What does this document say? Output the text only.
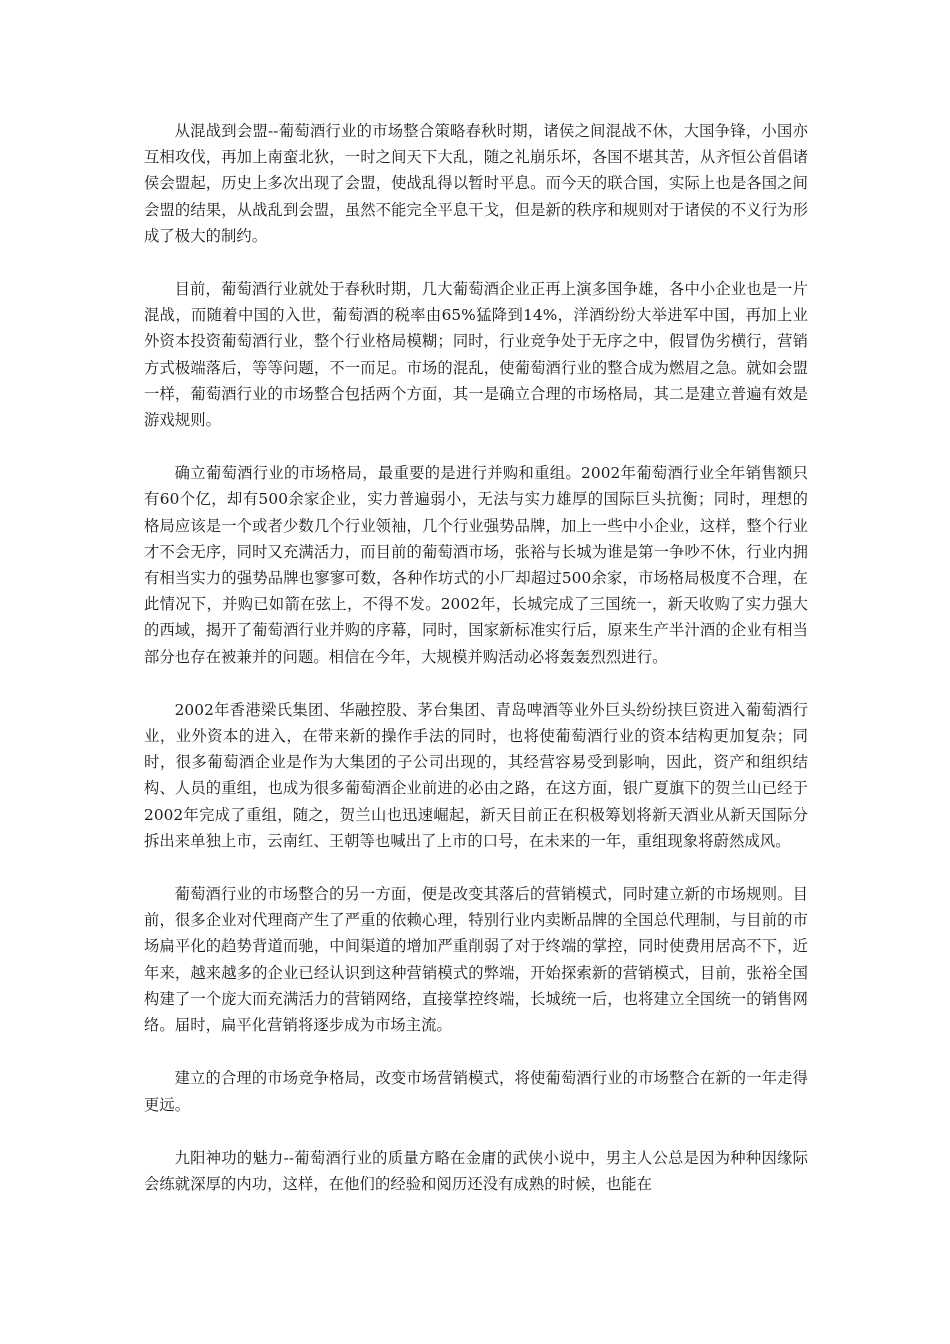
从混战到会盟--葡萄酒行业的市场整合策略春秋时期，诸侯之间混战不休，大国争锋，小国亦互相攻伐，再加上南蛮北狄，一时之间天下大乱，随之礼崩乐坏，各国不堪其苦，从齐恒公首倡诸侯会盟起，历史上多次出现了会盟，使战乱得以暂时平息。而今天的联合国，实际上也是各国之间会盟的结果，从战乱到会盟，虽然不能完全平息干戈，但是新的秩序和规则对于诸侯的不义行为形成了极大的制约。

目前，葡萄酒行业就处于春秋时期，几大葡萄酒企业正再上演多国争雄，各中小企业也是一片混战，而随着中国的入世，葡萄酒的税率由65%猛降到14%，洋酒纷纷大举进军中国，再加上业外资本投资葡萄酒行业，整个行业格局模糊；同时，行业竞争处于无序之中，假冒伪劣横行，营销方式极端落后，等等问题，不一而足。市场的混乱，使葡萄酒行业的整合成为燃眉之急。就如会盟一样，葡萄酒行业的市场整合包括两个方面，其一是确立合理的市场格局，其二是建立普遍有效是游戏规则。

确立葡萄酒行业的市场格局，最重要的是进行并购和重组。2002年葡萄酒行业全年销售额只有60个亿，却有500余家企业，实力普遍弱小，无法与实力雄厚的国际巨头抗衡；同时，理想的格局应该是一个或者少数几个行业领袖，几个行业强势品牌，加上一些中小企业，这样，整个行业才不会无序，同时又充满活力，而目前的葡萄酒市场，张裕与长城为谁是第一争吵不休，行业内拥有相当实力的强势品牌也寥寥可数，各种作坊式的小厂却超过500余家，市场格局极度不合理，在此情况下，并购已如箭在弦上，不得不发。2002年，长城完成了三国统一，新天收购了实力强大的西域，揭开了葡萄酒行业并购的序幕，同时，国家新标准实行后，原来生产半汁酒的企业有相当部分也存在被兼并的问题。相信在今年，大规模并购活动必将轰轰烈烈进行。

2002年香港梁氏集团、华融控股、茅台集团、青岛啤酒等业外巨头纷纷挟巨资进入葡萄酒行业，业外资本的进入，在带来新的操作手法的同时，也将使葡萄酒行业的资本结构更加复杂；同时，很多葡萄酒企业是作为大集团的子公司出现的，其经营容易受到影响，因此，资产和组织结构、人员的重组，也成为很多葡萄酒企业前进的必由之路，在这方面，银广夏旗下的贺兰山已经于2002年完成了重组，随之，贺兰山也迅速崛起，新天目前正在积极筹划将新天酒业从新天国际分拆出来单独上市，云南红、王朝等也喊出了上市的口号，在未来的一年，重组现象将蔚然成风。

葡萄酒行业的市场整合的另一方面，便是改变其落后的营销模式，同时建立新的市场规则。目前，很多企业对代理商产生了严重的依赖心理，特别行业内卖断品牌的全国总代理制，与目前的市场扁平化的趋势背道而驰，中间渠道的增加严重削弱了对于终端的掌控，同时使费用居高不下，近年来，越来越多的企业已经认识到这种营销模式的弊端，开始探索新的营销模式，目前，张裕全国构建了一个庞大而充满活力的营销网络，直接掌控终端，长城统一后，也将建立全国统一的销售网络。届时，扁平化营销将逐步成为市场主流。

建立的合理的市场竞争格局，改变市场营销模式，将使葡萄酒行业的市场整合在新的一年走得更远。

九阳神功的魅力--葡萄酒行业的质量方略在金庸的武侠小说中，男主人公总是因为种种因缘际会练就深厚的内功，这样，在他们的经验和阅历还没有成熟的时候，也能在
